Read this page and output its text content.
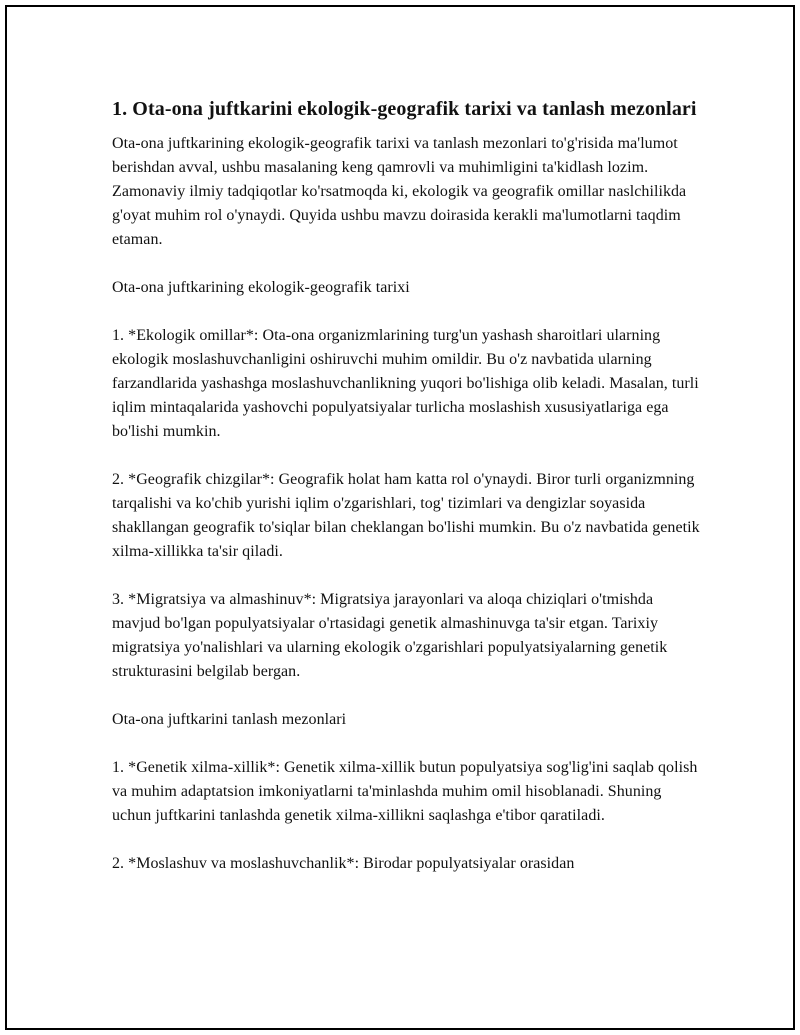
1. Ota-ona juftkarini ekologik-geografik tarixi va tanlash mezonlari

Ota-ona juftkarining ekologik-geografik tarixi va tanlash mezonlari to'g'risida ma'lumot berishdan avval, ushbu masalaning keng qamrovli va muhimligini ta'kidlash lozim. Zamonaviy ilmiy tadqiqotlar ko'rsatmoqda ki, ekologik va geografik omillar naslchilikda g'oyat muhim rol o'ynaydi. Quyida ushbu mavzu doirasida kerakli ma'lumotlarni taqdim etaman.

Ota-ona juftkarining ekologik-geografik tarixi

1. *Ekologik omillar*: Ota-ona organizmlarining turg'un yashash sharoitlari ularning ekologik moslashuvchanligini oshiruvchi muhim omildir. Bu o'z navbatida ularning farzandlarida yashashga moslashuvchanlikning yuqori bo'lishiga olib keladi. Masalan, turli iqlim mintaqalarida yashovchi populyatsiyalar turlicha moslashish xususiyatlariga ega bo'lishi mumkin.

2. *Geografik chizgilar*: Geografik holat ham katta rol o'ynaydi. Biror turli organizmning tarqalishi va ko'chib yurishi iqlim o'zgarishlari, tog' tizimlari va dengizlar soyasida shakllangan geografik to'siqlar bilan cheklangan bo'lishi mumkin. Bu o'z navbatida genetik xilma-xillikka ta'sir qiladi.

3. *Migratsiya va almashinuv*: Migratsiya jarayonlari va aloqa chiziqlari o'tmishda mavjud bo'lgan populyatsiyalar o'rtasidagi genetik almashinuvga ta'sir etgan. Tarixiy migratsiya yo'nalishlari va ularning ekologik o'zgarishlari populyatsiyalarning genetik strukturasini belgilab bergan.

Ota-ona juftkarini tanlash mezonlari

1. *Genetik xilma-xillik*: Genetik xilma-xillik butun populyatsiya sog'lig'ini saqlab qolish va muhim adaptatsion imkoniyatlarni ta'minlashda muhim omil hisoblanadi. Shuning uchun juftkarini tanlashda genetik xilma-xillikni saqlashga e'tibor qaratiladi.

2. *Moslashuv va moslashuvchanlik*: Birodar populyatsiyalar orasidan
